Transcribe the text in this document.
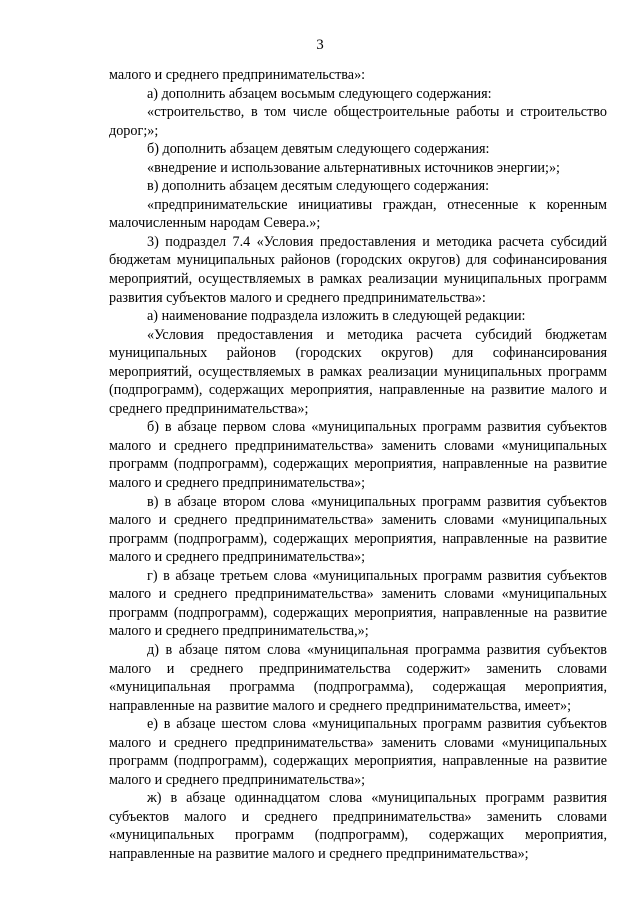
3

малого и среднего предпринимательства»:

а) дополнить абзацем восьмым следующего содержания:

«строительство, в том числе общестроительные работы и строительство дорог;»;

б) дополнить абзацем девятым следующего содержания:

«внедрение и использование альтернативных источников энергии;»;

в) дополнить абзацем десятым следующего содержания:

«предпринимательские инициативы граждан, отнесенные к коренным малочисленным народам Севера.»;

3) подраздел 7.4 «Условия предоставления и методика расчета субсидий бюджетам муниципальных районов (городских округов) для софинансирования мероприятий, осуществляемых в рамках реализации муниципальных программ развития субъектов малого и среднего предпринимательства»:

а) наименование подраздела изложить в следующей редакции:

«Условия предоставления и методика расчета субсидий бюджетам муниципальных районов (городских округов) для софинансирования мероприятий, осуществляемых в рамках реализации муниципальных программ (подпрограмм), содержащих мероприятия, направленные на развитие малого и среднего предпринимательства»;

б) в абзаце первом слова «муниципальных программ развития субъектов малого и среднего предпринимательства» заменить словами «муниципальных программ (подпрограмм), содержащих мероприятия, направленные на развитие малого и среднего предпринимательства»;

в) в абзаце втором слова «муниципальных программ развития субъектов малого и среднего предпринимательства» заменить словами «муниципальных программ (подпрограмм), содержащих мероприятия, направленные на развитие малого и среднего предпринимательства»;

г) в абзаце третьем слова «муниципальных программ развития субъектов малого и среднего предпринимательства» заменить словами «муниципальных программ (подпрограмм), содержащих мероприятия, направленные на развитие малого и среднего предпринимательства,»;

д) в абзаце пятом слова «муниципальная программа развития субъектов малого и среднего предпринимательства содержит» заменить словами «муниципальная программа (подпрограмма), содержащая мероприятия, направленные на развитие малого и среднего предпринимательства, имеет»;

е) в абзаце шестом слова «муниципальных программ развития субъектов малого и среднего предпринимательства» заменить словами «муниципальных программ (подпрограмм), содержащих мероприятия, направленные на развитие малого и среднего предпринимательства»;

ж) в абзаце одиннадцатом слова «муниципальных программ развития субъектов малого и среднего предпринимательства» заменить словами «муниципальных программ (подпрограмм), содержащих мероприятия, направленные на развитие малого и среднего предпринимательства»;
